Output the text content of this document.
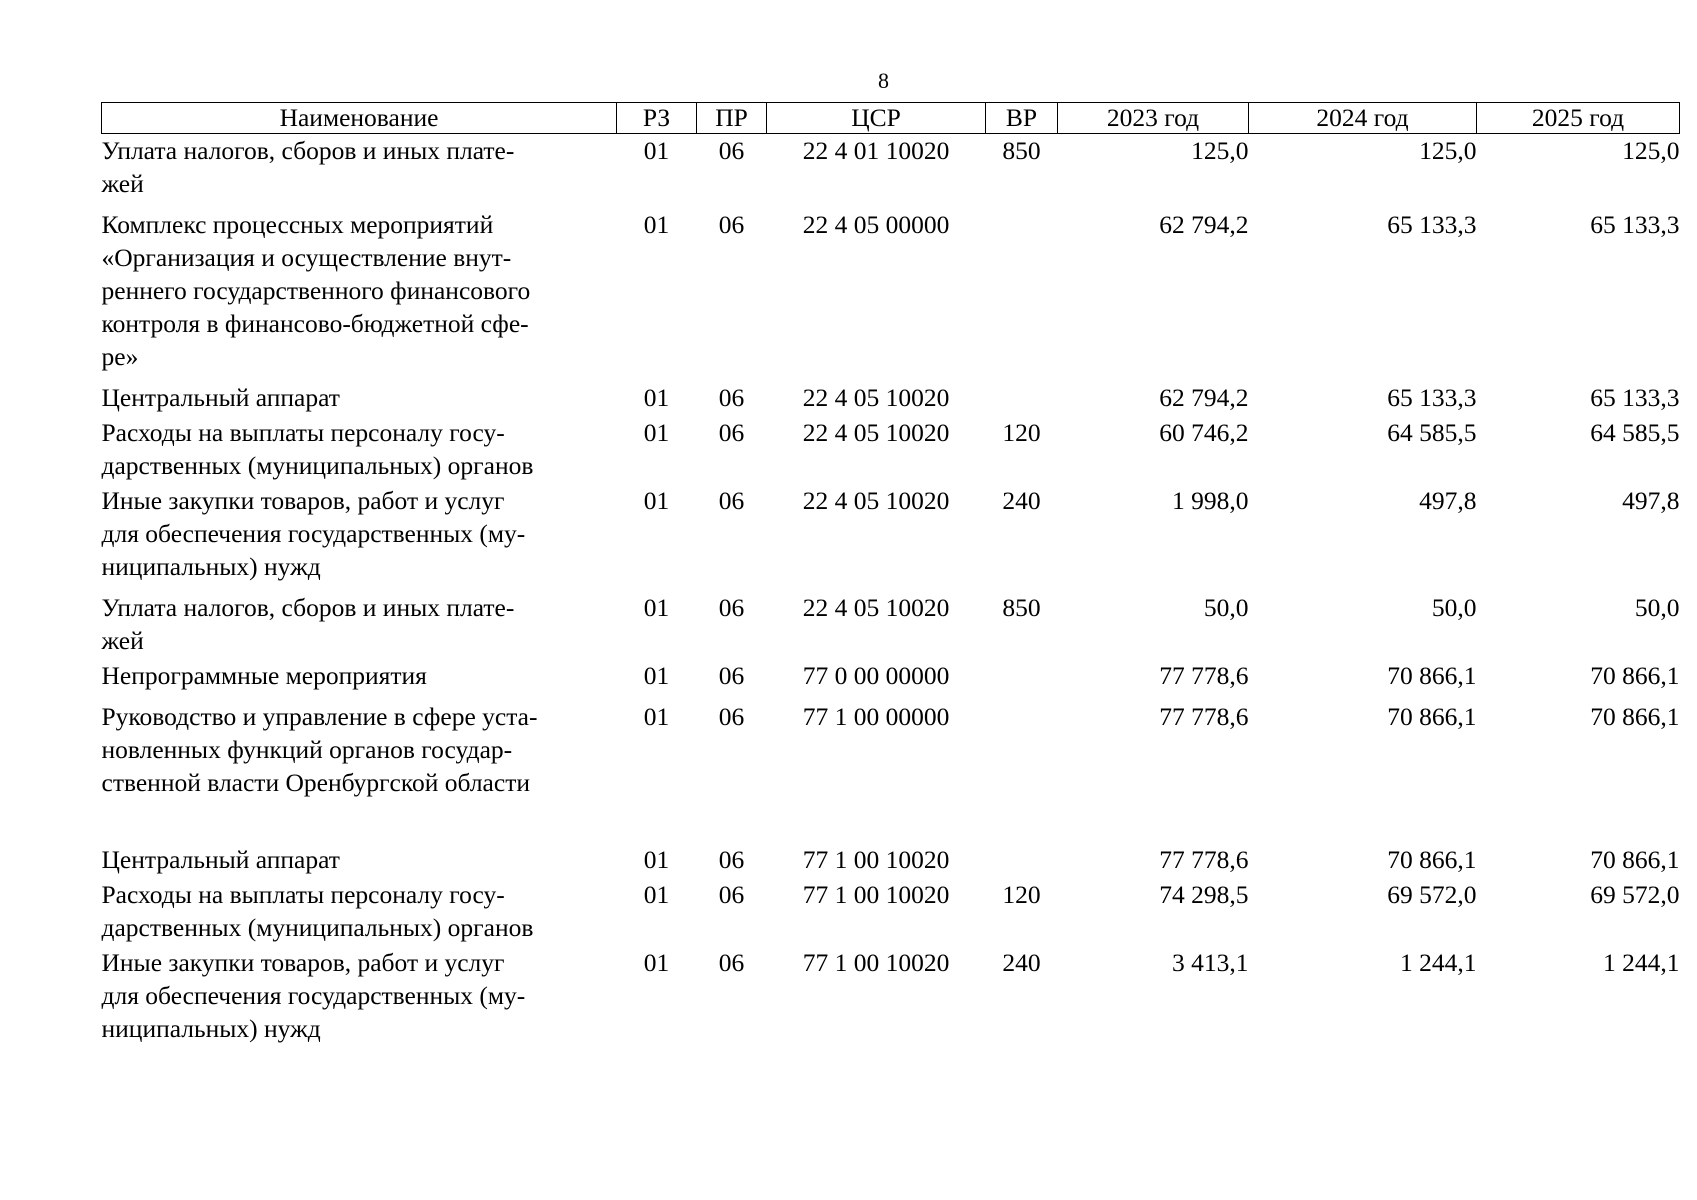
8
Наименование	РЗ	ПР	ЦСР	ВР	2023 год	2024 год	2025 год

Уплата налогов, сборов и иных плате-
жей	01	06	22 4 01 10020	850	125,0	125,0	125,0

Комплекс процессных мероприятий
«Организация и осуществление внут-
реннего государственного финансового
контроля в финансово-бюджетной сфе-
ре»	01	06	22 4 05 00000		62 794,2	65 133,3	65 133,3

Центральный аппарат	01	06	22 4 05 10020		62 794,2	65 133,3	65 133,3

Расходы на выплаты персоналу госу-
дарственных (муниципальных) органов	01	06	22 4 05 10020	120	60 746,2	64 585,5	64 585,5

Иные закупки товаров, работ и услуг
для обеспечения государственных (му-
ниципальных) нужд	01	06	22 4 05 10020	240	1 998,0	497,8	497,8

Уплата налогов, сборов и иных плате-
жей	01	06	22 4 05 10020	850	50,0	50,0	50,0

Непрограммные мероприятия	01	06	77 0 00 00000		77 778,6	70 866,1	70 866,1

Руководство и управление в сфере уста-
новленных функций органов государ-
ственной власти Оренбургской области	01	06	77 1 00 00000		77 778,6	70 866,1	70 866,1

Центральный аппарат	01	06	77 1 00 10020		77 778,6	70 866,1	70 866,1

Расходы на выплаты персоналу госу-
дарственных (муниципальных) органов	01	06	77 1 00 10020	120	74 298,5	69 572,0	69 572,0

Иные закупки товаров, работ и услуг
для обеспечения государственных (му-
ниципальных) нужд	01	06	77 1 00 10020	240	3 413,1	1 244,1	1 244,1
